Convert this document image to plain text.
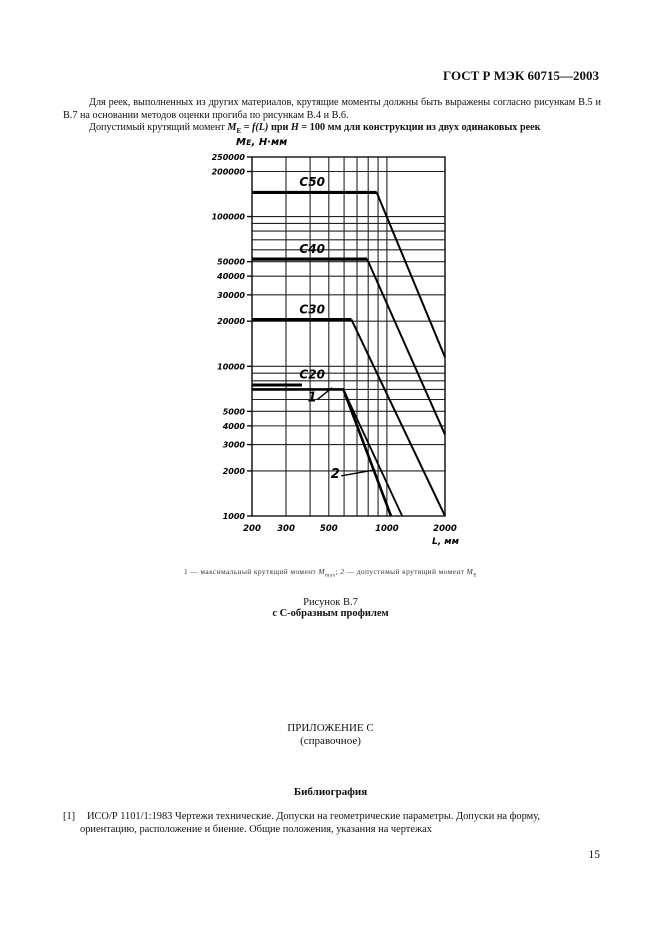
ГОСТ Р МЭК 60715—2003

Для реек, выполненных из других материалов, крутящие моменты должны быть выражены согласно рисункам В.5 и В.7 на основании методов оценки прогиба по рисункам В.4 и В.6.

Допустимый крутящий момент $M_E = f(L)$ при H = 100 мм для конструкции из двух одинаковых реек

250000
200000
100000
50000
40000
30000
20000
10000
5000
4000
3000
2000
1000
200 300	500	1000	2000
C50
C40
C30
C20
1
2
Mᴇ, Н·мм
L, мм
1 — максимальный крутящий момент $M_{max}$; 2 — допустимый крутящий момент $M_E$
Рисунок В.7
с С-образным профилем
ПРИЛОЖЕНИЕ С
(справочное)
Библиография
[1] ИСО/Р 1101/1:1983 Чертежи технические. Допуски на геометрические параметры. Допуски на форму,
ориентацию, расположение и биение. Общие положения, указания на чертежах
15
